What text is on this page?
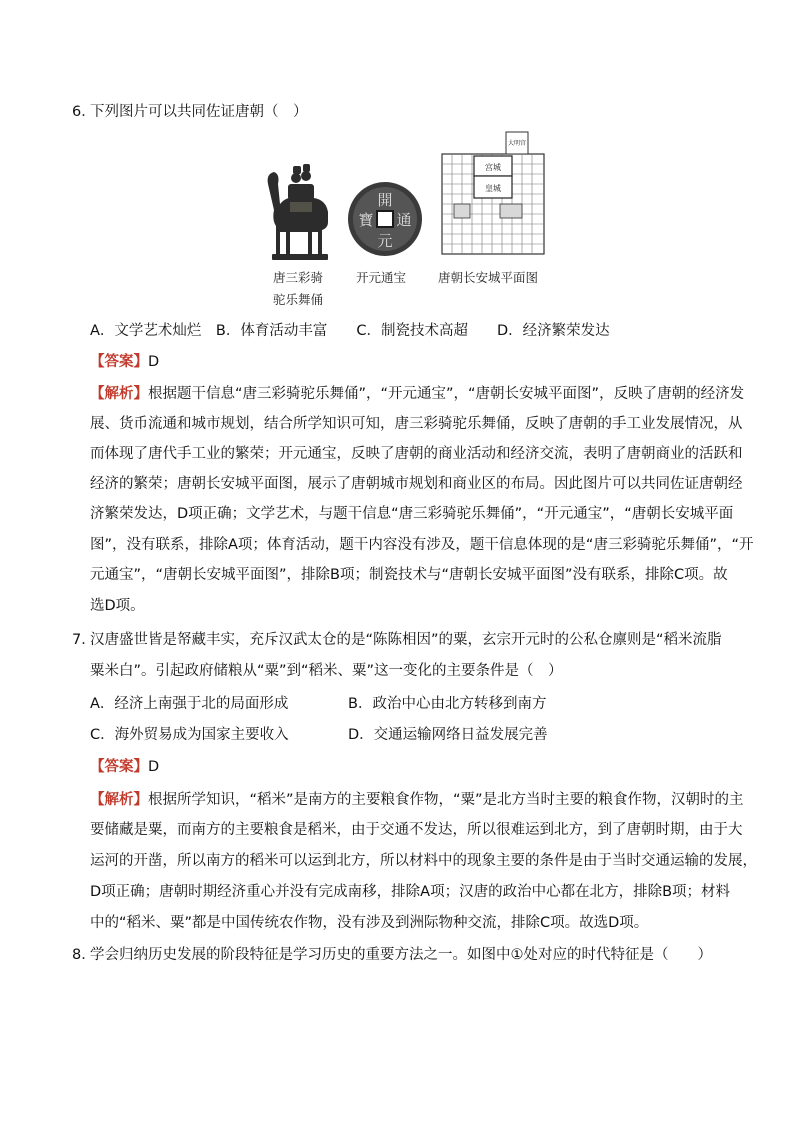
6．
下列图片可以共同佐证唐朝（　）
唐三彩骑
驼乐舞俑
開
通
元
寶
开元通宝
宫城
皇城
大明宫
唐朝长安城平面图
A．文学艺术灿烂　B．体育活动丰富　　C．制瓷技术高超　　D．经济繁荣发达
【答案】D
【解析】根据题干信息“唐三彩骑驼乐舞俑”，“开元通宝”，“唐朝长安城平面图”，反映了唐朝的经济发
展、货币流通和城市规划，结合所学知识可知，唐三彩骑驼乐舞俑，反映了唐朝的手工业发展情况，从
而体现了唐代手工业的繁荣；开元通宝，反映了唐朝的商业活动和经济交流，表明了唐朝商业的活跃和
经济的繁荣；唐朝长安城平面图，展示了唐朝城市规划和商业区的布局。因此图片可以共同佐证唐朝经
济繁荣发达，D项正确；文学艺术，与题干信息“唐三彩骑驼乐舞俑”，“开元通宝”，“唐朝长安城平面
图”，没有联系，排除A项；体育活动，题干内容没有涉及，题干信息体现的是“唐三彩骑驼乐舞俑”，“开
元通宝”，“唐朝长安城平面图”，排除B项；制瓷技术与“唐朝长安城平面图”没有联系，排除C项。故
选D项。
7．
汉唐盛世皆是帑藏丰实，充斥汉武太仓的是“陈陈相因”的粟，玄宗开元时的公私仓廪则是“稻米流脂
粟米白”。引起政府储粮从“粟”到“稻米、粟”这一变化的主要条件是（　）
A．经济上南强于北的局面形成	B．政治中心由北方转移到南方
C．海外贸易成为国家主要收入	D．交通运输网络日益发展完善
【答案】D
【解析】根据所学知识，“稻米”是南方的主要粮食作物，“粟”是北方当时主要的粮食作物，汉朝时的主
要储藏是粟，而南方的主要粮食是稻米，由于交通不发达，所以很难运到北方，到了唐朝时期，由于大
运河的开凿，所以南方的稻米可以运到北方，所以材料中的现象主要的条件是由于当时交通运输的发展，
D项正确；唐朝时期经济重心并没有完成南移，排除A项；汉唐的政治中心都在北方，排除B项；材料
中的“稻米、粟”都是中国传统农作物，没有涉及到洲际物种交流，排除C项。故选D项。
8．
学会归纳历史发展的阶段特征是学习历史的重要方法之一。如图中①处对应的时代特征是（　　）
